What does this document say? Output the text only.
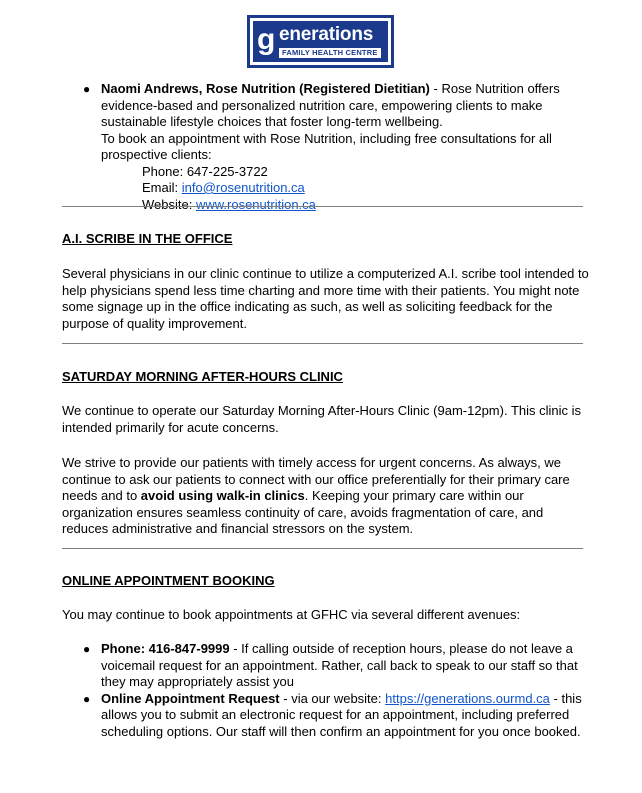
g enerations
FAMILY HEALTH CENTRE
● Naomi Andrews, Rose Nutrition (Registered Dietitian) - Rose Nutrition offers evidence-based and personalized nutrition care, empowering clients to make sustainable lifestyle choices that foster long-term wellbeing.

To book an appointment with Rose Nutrition, including free consultations for all prospective clients:

Phone: 647-225-3722

Email: info@rosenutrition.ca

Website: www.rosenutrition.ca

A.I. SCRIBE IN THE OFFICE

Several physicians in our clinic continue to utilize a computerized A.I. scribe tool intended to help physicians spend less time charting and more time with their patients. You might note some signage up in the office indicating as such, as well as soliciting feedback for the purpose of quality improvement.

SATURDAY MORNING AFTER-HOURS CLINIC

We continue to operate our Saturday Morning After-Hours Clinic (9am-12pm). This clinic is intended primarily for acute concerns.

We strive to provide our patients with timely access for urgent concerns. As always, we continue to ask our patients to connect with our office preferentially for their primary care needs and to avoid using walk-in clinics. Keeping your primary care within our organization ensures seamless continuity of care, avoids fragmentation of care, and reduces administrative and financial stressors on the system.

ONLINE APPOINTMENT BOOKING

You may continue to book appointments at GFHC via several different avenues:

● Phone: 416-847-9999 - If calling outside of reception hours, please do not leave a voicemail request for an appointment. Rather, call back to speak to our staff so that they may appropriately assist you

● Online Appointment Request - via our website: https://generations.ourmd.ca - this allows you to submit an electronic request for an appointment, including preferred scheduling options. Our staff will then confirm an appointment for you once booked.
